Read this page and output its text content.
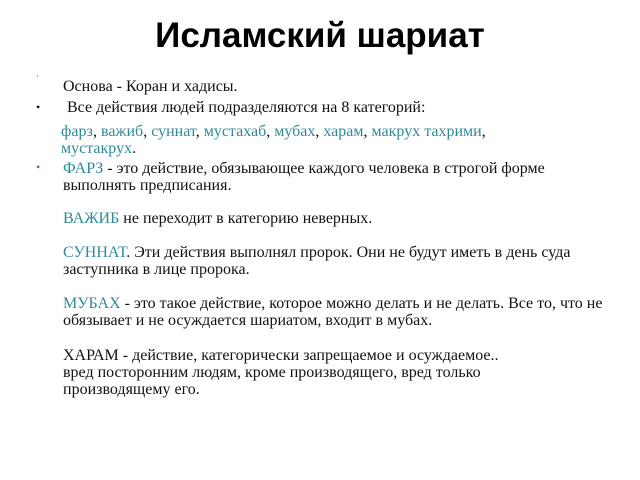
Исламский шариат
·
Основа - Коран и хадисы.
• Все действия людей подразделяются на 8 категорий:
фарз, важиб, суннат, мустахаб, мубах, харам, макрух тахрими,
мустакрух.
• ФАРЗ - это действие, обязывающее каждого человека в строгой форме выполнять предписания.
ВАЖИБ не переходит в категорию неверных.
СУННАТ. Эти действия выполнял пророк. Они не будут иметь в день суда заступника в лице пророка.
МУБАХ - это такое действие, которое можно делать и не делать. Все то, что не обязывает и не осуждается шариатом, входит в мубах.
ХАРАМ - действие, категорически запрещаемое и осуждаемое..
вред посторонним людям, кроме производящего, вред только
производящему его.
